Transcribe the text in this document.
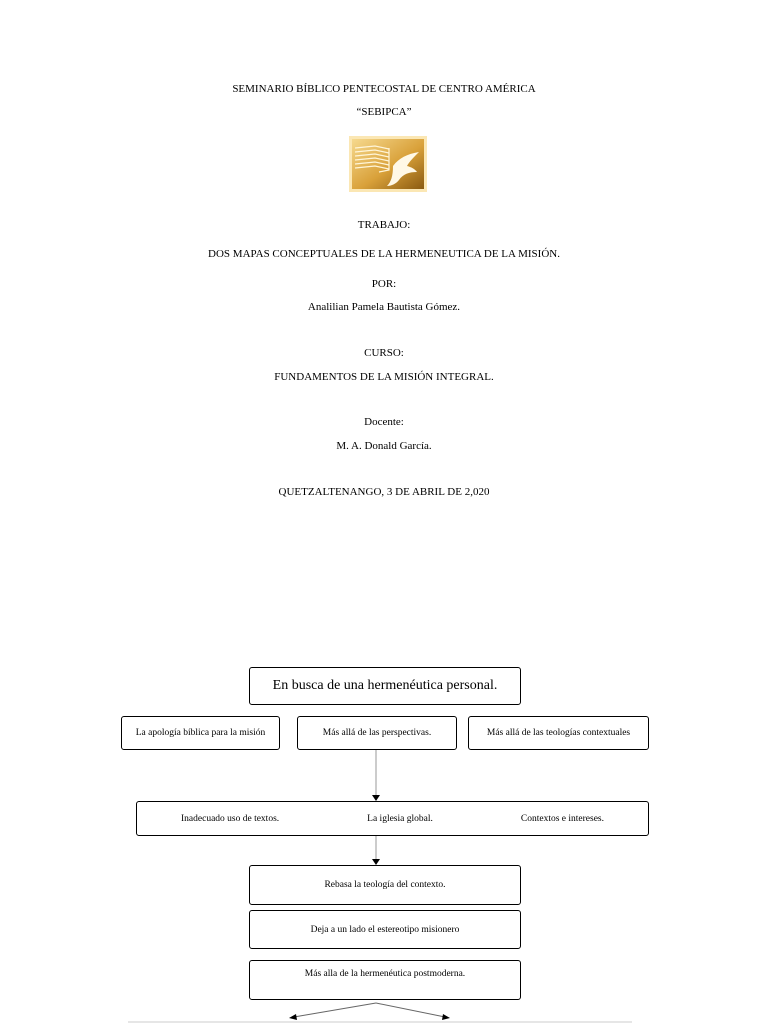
SEMINARIO BÍBLICO PENTECOSTAL DE CENTRO AMÉRICA
“SEBIPCA”
TRABAJO:
DOS MAPAS CONCEPTUALES DE LA HERMENEUTICA DE LA MISIÓN.
POR:
Analilian Pamela Bautista Gómez.
CURSO:
FUNDAMENTOS DE LA MISIÓN INTEGRAL.
Docente:
M. A. Donald García.
QUETZALTENANGO, 3 DE ABRIL DE 2,020
En busca de una hermenéutica personal.
La apología bíblica para la misión	Más allá de las perspectivas.	Más allá de las teologías contextuales
Inadecuado uso de textos.	La iglesia global.	Contextos e intereses.
Rebasa la teología del contexto.
Deja a un lado el estereotipo misionero
Más alla de la hermenéutica postmoderna.
